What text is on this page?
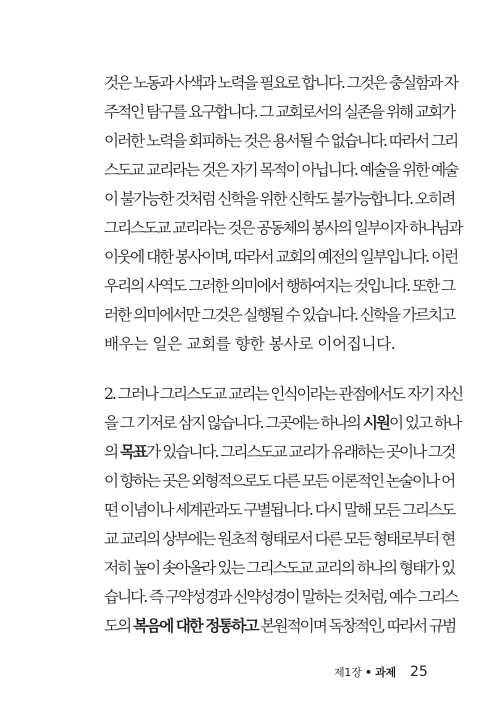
것은 노동과 사색과 노력을 필요로 합니다. 그것은 충실함과 자
주적인 탐구를 요구합니다. 그 교회로서의 실존을 위해 교회가
이러한 노력을 회피하는 것은 용서될 수 없습니다. 따라서 그리
스도교 교리라는 것은 자기 목적이 아닙니다. 예술을 위한 예술
이 불가능한 것처럼 신학을 위한 신학도 불가능합니다. 오히려
그리스도교 교리라는 것은 공동체의 봉사의 일부이자 하나님과
이웃에 대한 봉사이며, 따라서 교회의 예전의 일부입니다. 이런
우리의 사역도 그러한 의미에서 행하여지는 것입니다. 또한 그
러한 의미에서만 그것은 실행될 수 있습니다. 신학을 가르치고
배우는 일은 교회를 향한 봉사로 이어집니다.
2. 그러나 그리스도교 교리는 인식이라는 관점에서도 자기 자신
을 그 기저로 삼지 않습니다. 그곳에는 하나의 시원이 있고 하나
의 목표가 있습니다. 그리스도교 교리가 유래하는 곳이나 그것
이 향하는 곳은 외형적으로도 다른 모든 이론적인 논술이나 어
떤 이념이나 세계관과도 구별됩니다. 다시 말해 모든 그리스도
교 교리의 상부에는 원초적 형태로서 다른 모든 형태로부터 현
저히 높이 솟아올라 있는 그리스도교 교리의 하나의 형태가 있
습니다. 즉 구약성경과 신약성경이 말하는 것처럼, 예수 그리스
도의 복음에 대한 정통하고 본원적이며 독창적인, 따라서 규범
제1장 • 과제 25
